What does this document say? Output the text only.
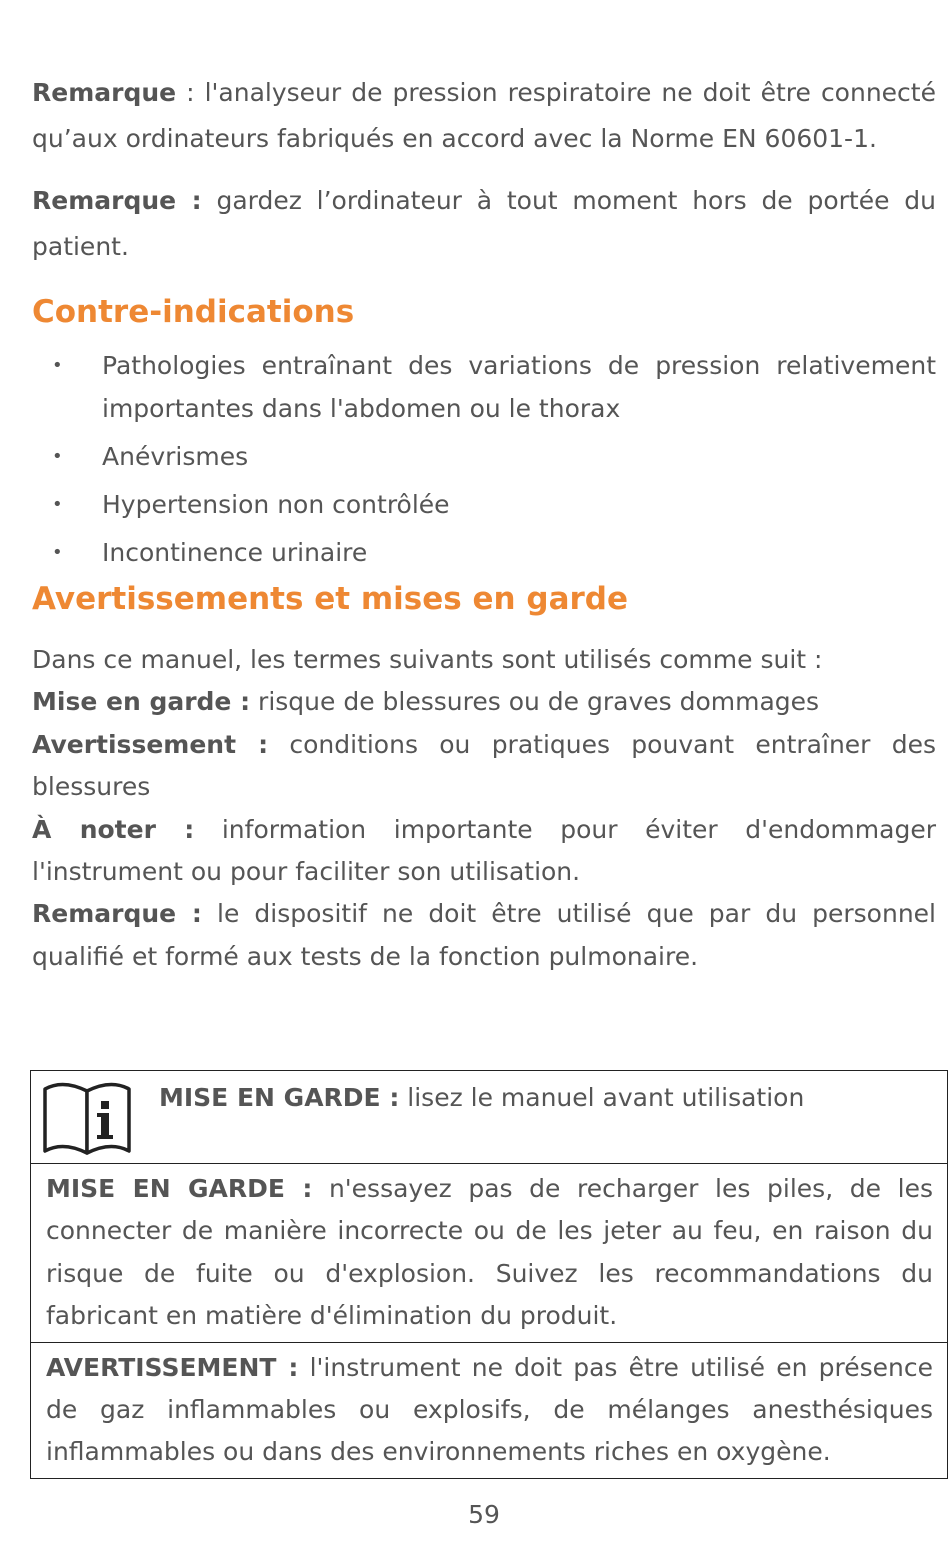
Remarque : l'analyseur de pression respiratoire ne doit être connecté qu’aux ordinateurs fabriqués en accord avec la Norme EN 60601-1.

Remarque : gardez l’ordinateur à tout moment hors de portée du patient.

Contre-indications
• Pathologies entraînant des variations de pression relativement importantes dans l'abdomen ou le thorax
• Anévrismes
• Hypertension non contrôlée
• Incontinence urinaire
Avertissements et mises en garde
Dans ce manuel, les termes suivants sont utilisés comme suit :
Mise en garde : risque de blessures ou de graves dommages
Avertissement : conditions ou pratiques pouvant entraîner des blessures
À noter : information importante pour éviter d'endommager l'instrument ou pour faciliter son utilisation.
Remarque : le dispositif ne doit être utilisé que par du personnel qualifié et formé aux tests de la fonction pulmonaire.
MISE EN GARDE : lisez le manuel avant utilisation
MISE EN GARDE : n'essayez pas de recharger les piles, de les connecter de manière incorrecte ou de les jeter au feu, en raison du risque de fuite ou d'explosion. Suivez les recommandations du fabricant en matière d'élimination du produit.
AVERTISSEMENT : l'instrument ne doit pas être utilisé en présence de gaz inflammables ou explosifs, de mélanges anesthésiques inflammables ou dans des environnements riches en oxygène.
59
